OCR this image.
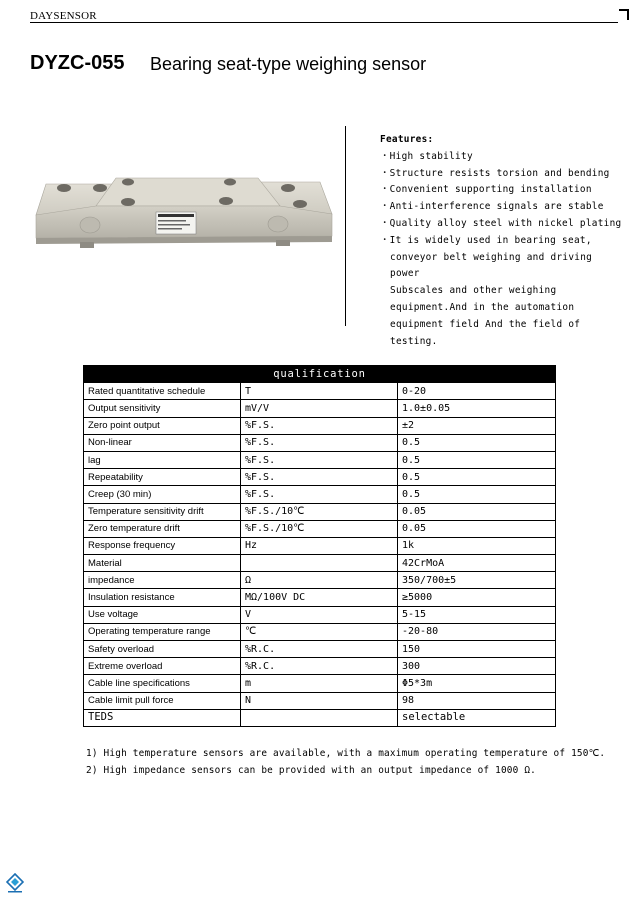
DAYSENSOR
DYZC-055 Bearing seat-type weighing sensor
Features:
・High stability
・Structure resists torsion and bending
・Convenient supporting installation
・Anti-interference signals are stable
・Quality alloy steel with nickel plating
・It is widely used in bearing seat,
conveyor belt weighing and driving power
Subscales and other weighing
equipment.And in the automation
equipment field And the field of testing.
qualification		
Rated quantitative schedule	T	0-20
Output sensitivity	mV/V	1.0±0.05
Zero point output	%F.S.	±2
Non-linear	%F.S.	0.5
lag	%F.S.	0.5
Repeatability	%F.S.	0.5
Creep (30 min)	%F.S.	0.5
Temperature sensitivity drift	%F.S./10℃	0.05
Zero temperature drift	%F.S./10℃	0.05
Response frequency	Hz	1k
Material		42CrMoA
impedance	Ω	350/700±5
Insulation resistance	MΩ/100V DC	≥5000
Use voltage	V	5-15
Operating temperature range	℃	-20-80
Safety overload	%R.C.	150
Extreme overload	%R.C.	300
Cable line specifications	m	Φ5*3m
Cable limit pull force	N	98
TEDS		selectable
1) High temperature sensors are available, with a maximum operating temperature of 150℃.
2) High impedance sensors can be provided with an output impedance of 1000 Ω.
